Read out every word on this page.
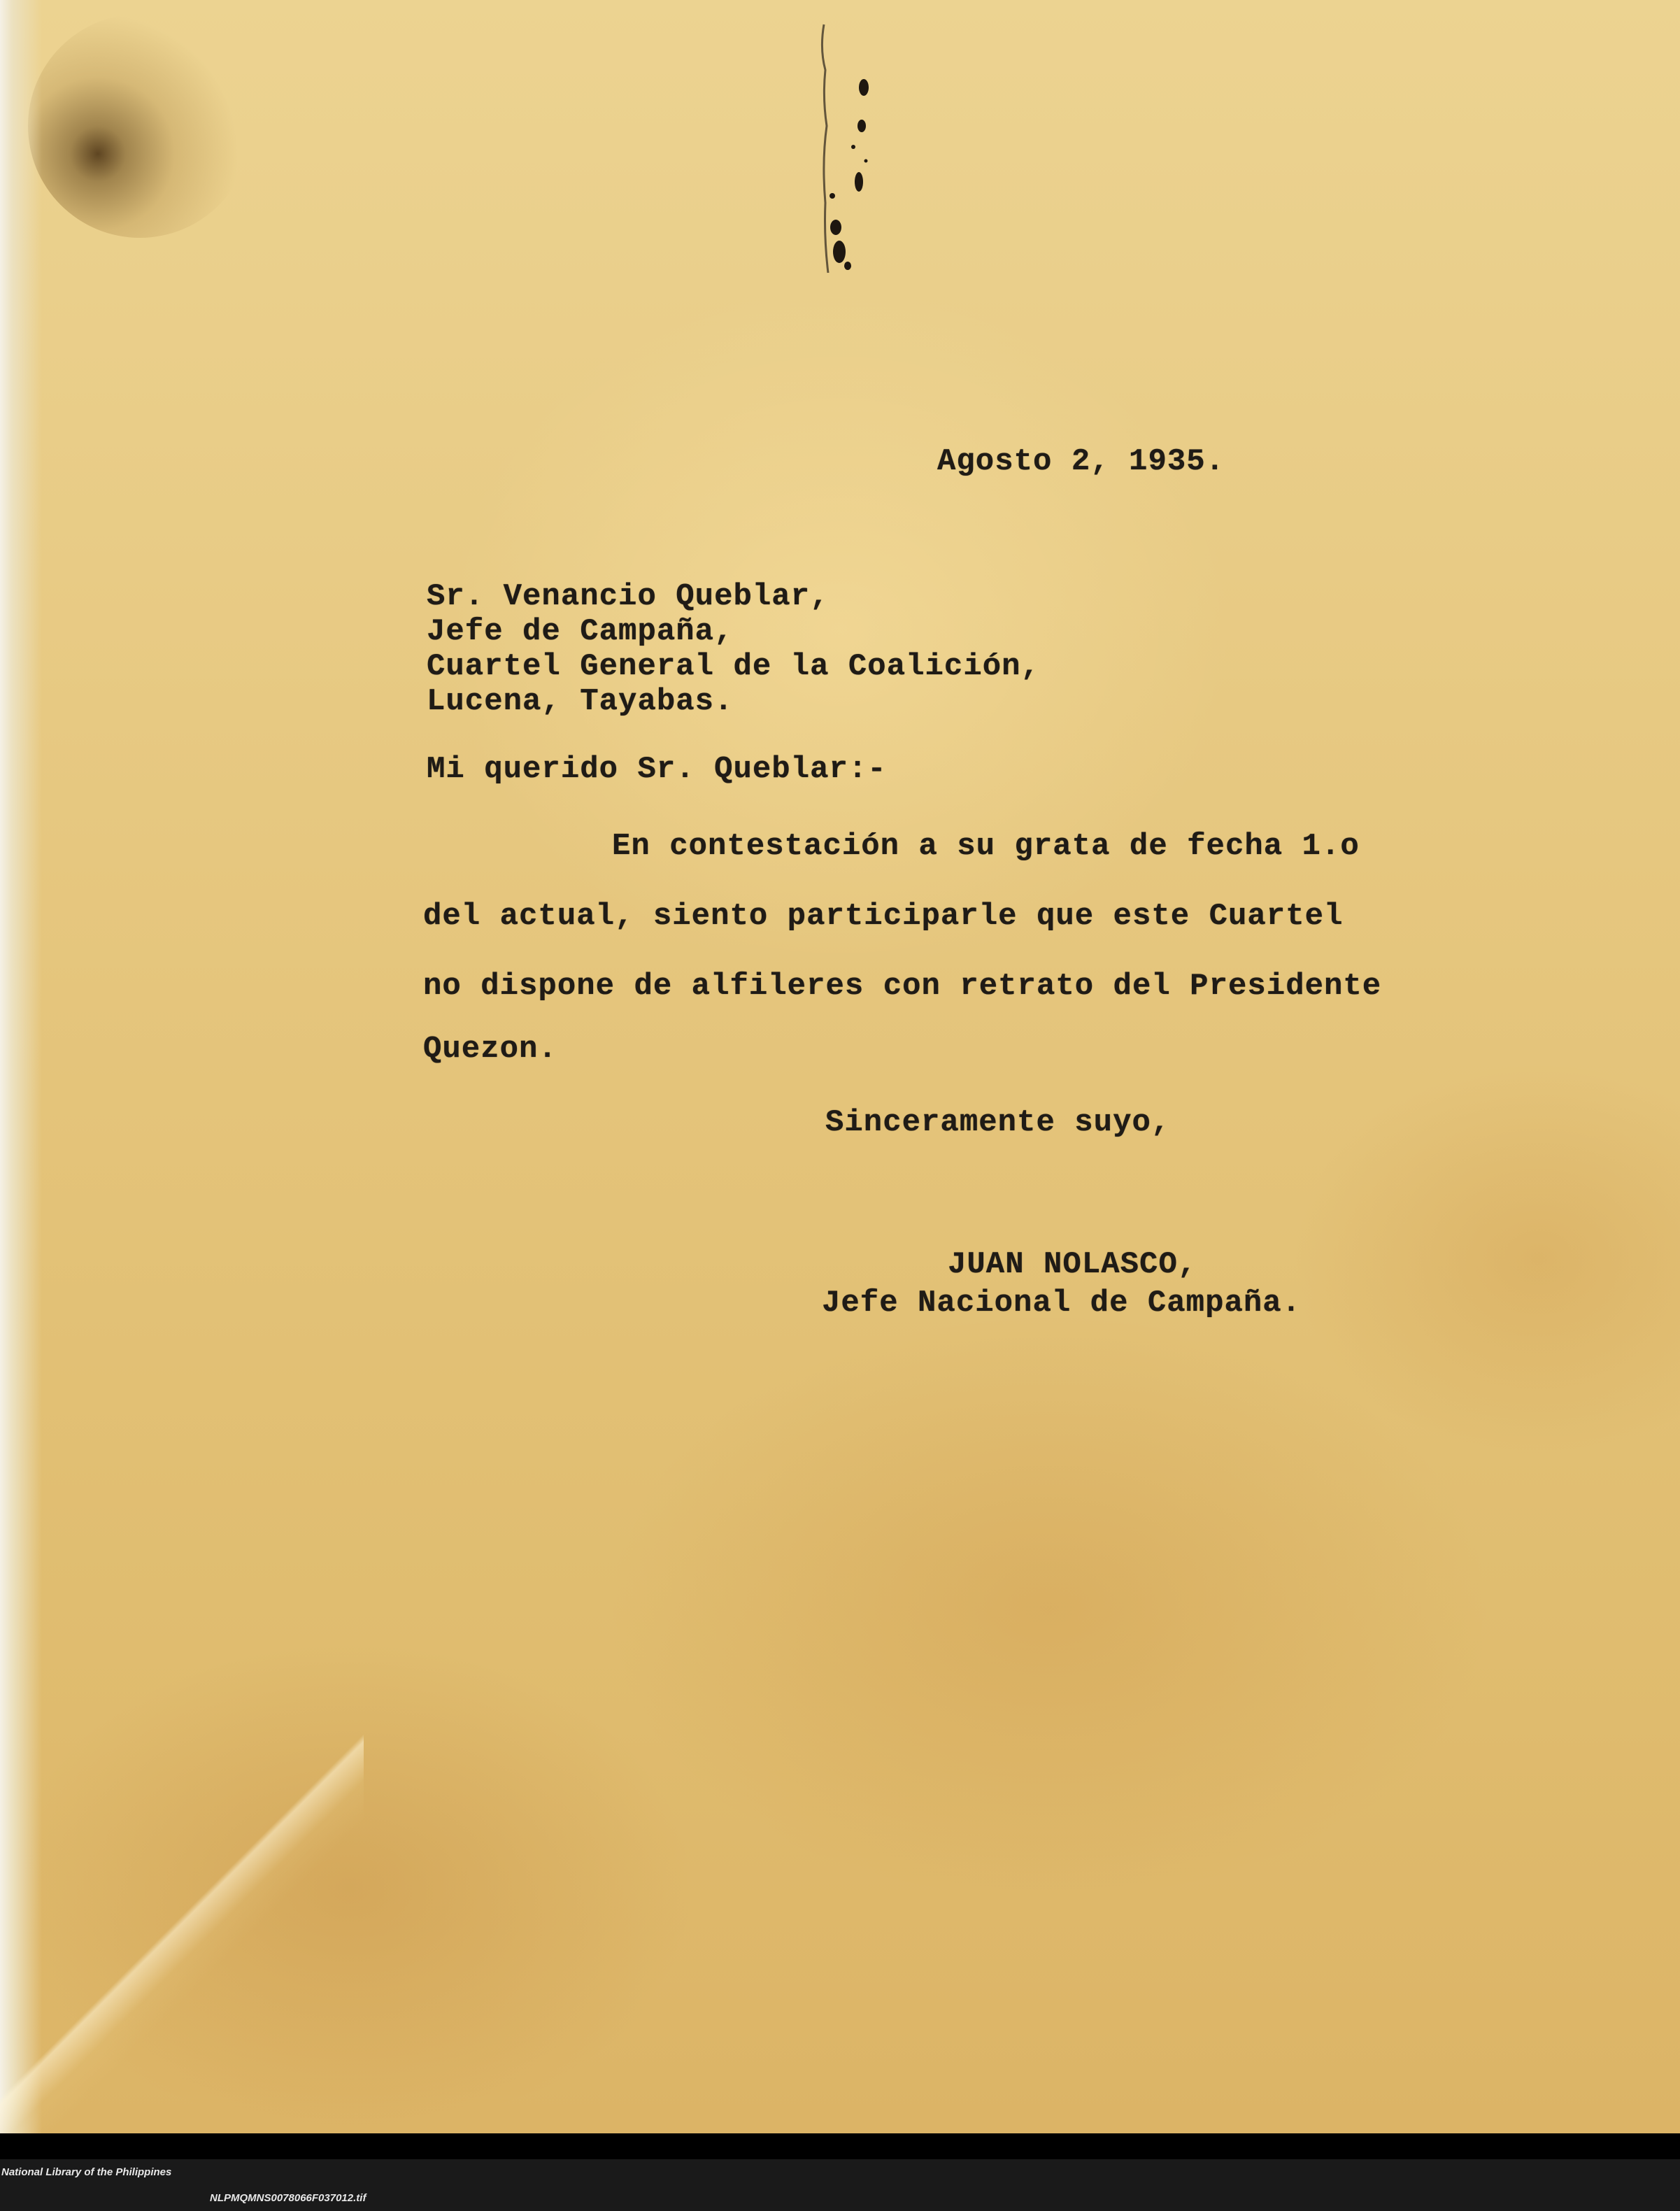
Agosto 2, 1935.
Sr. Venancio Queblar,
Jefe de Campaña,
Cuartel General de la Coalición,
Lucena, Tayabas.
Mi querido Sr. Queblar:-
En contestación a su grata de fecha 1.o
del actual, siento participarle que este Cuartel
no dispone de alfileres con retrato del Presidente
Quezon.
Sinceramente suyo,
JUAN NOLASCO,
Jefe Nacional de Campaña.

National Library of the Philippines

NLPMQMNS0078066F037012.tif
